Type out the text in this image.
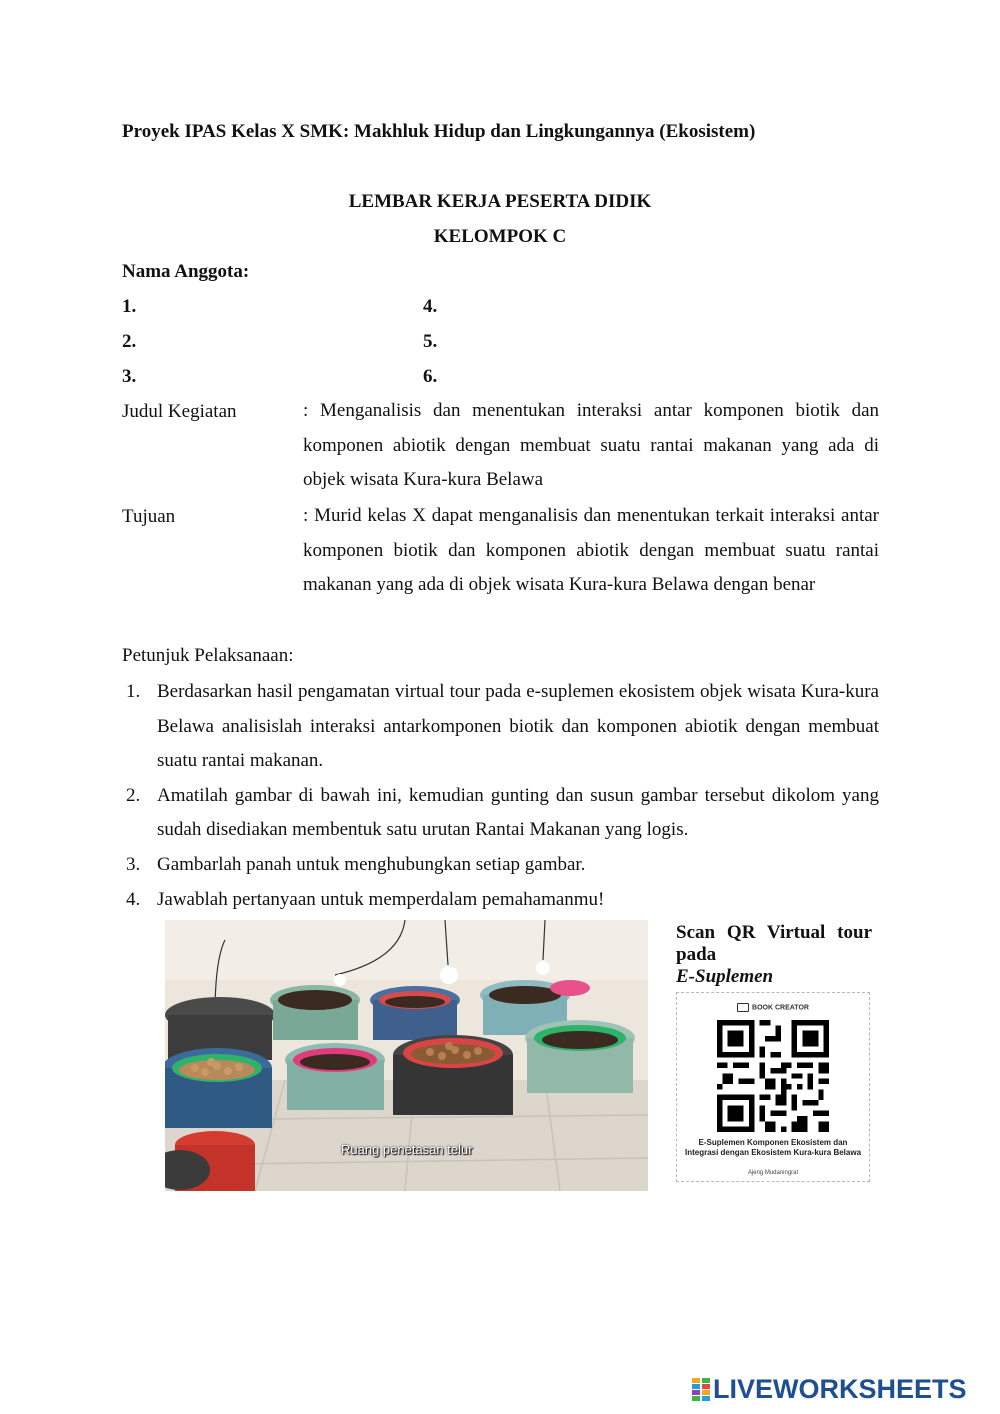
Proyek IPAS Kelas X SMK: Makhluk Hidup dan Lingkungannya (Ekosistem)
LEMBAR KERJA PESERTA DIDIK
KELOMPOK C
Nama Anggota:
1.
2.
3.
4.
5.
6.
Judul Kegiatan	: Menganalisis dan menentukan interaksi antar komponen biotik dan komponen abiotik dengan membuat suatu rantai makanan yang ada di objek wisata Kura-kura Belawa
Tujuan	: Murid kelas X dapat menganalisis dan menentukan terkait interaksi antar komponen biotik dan komponen abiotik dengan membuat suatu rantai makanan yang ada di objek wisata Kura-kura Belawa dengan benar
Petunjuk Pelaksanaan:
1. Berdasarkan hasil pengamatan virtual tour pada e-suplemen ekosistem objek wisata Kura-kura Belawa analisislah interaksi antarkomponen biotik dan komponen abiotik dengan membuat suatu rantai makanan.
2. Amatilah gambar di bawah ini, kemudian gunting dan susun gambar tersebut dikolom yang sudah disediakan membentuk satu urutan Rantai Makanan yang logis.
3. Gambarlah panah untuk menghubungkan setiap gambar.
4. Jawablah pertanyaan untuk memperdalam pemahamanmu!
Ruang penetasan telur
Scan QR Virtual tour pada
E-Suplemen
BOOK CREATOR
E-Suplemen Komponen Ekosistem dan Integrasi dengan Ekosistem Kura-kura Belawa
Ajeng Mudaningrat
LIVEWORKSHEETS
